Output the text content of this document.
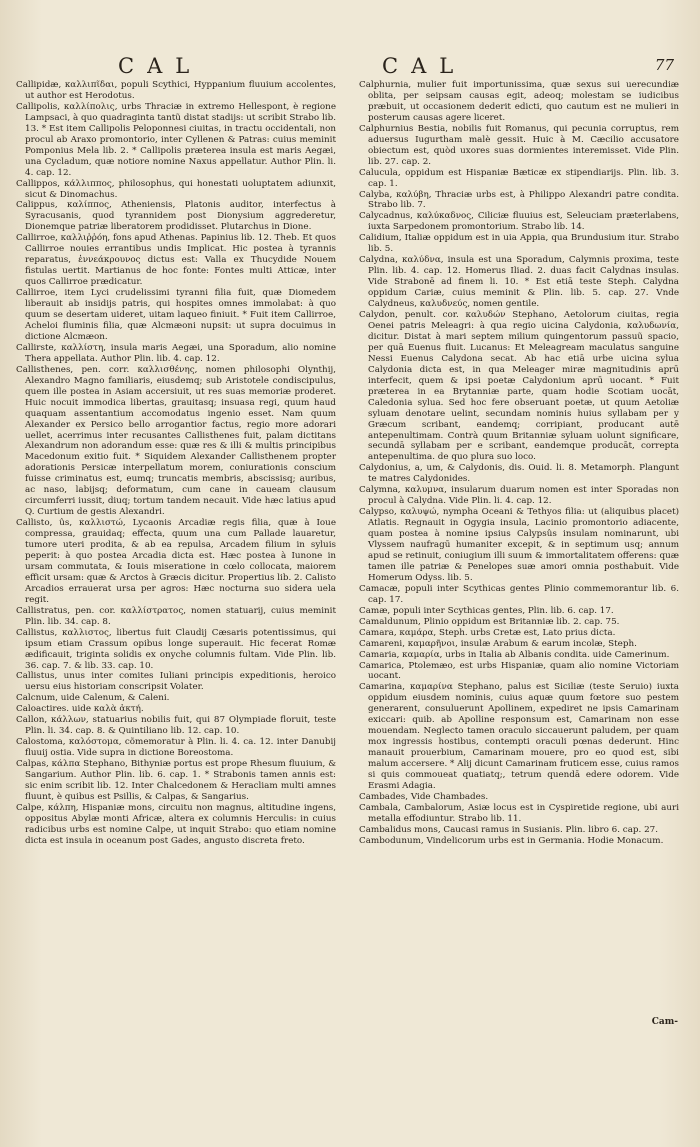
CAL	CAL	77

Callipidæ, καλλιπῖδαι, populi Scythici, Hyppanium fluuium accolentes, ut author est Herodotus.

Callipolis, καλλίπολις, urbs Thraciæ in extremo Hellespont, è regione Lampsaci, à quo quadraginta tantũ distat stadijs: ut scribit Strabo lib. 13. * Est item Callipolis Peloponnesi ciuitas, in tractu occidentali, non procul ab Araxo promontorio, inter Cyllenen & Patras: cuius meminit Pomponius Mela lib. 2. * Callipolis præterea insula est maris Aegæi, una Cycladum, quæ notiore nomine Naxus appellatur. Author Plin. li. 4. cap. 12.

Callippos, κάλλιππος, philosophus, qui honestati uoluptatem adiunxit, sicut & Dinomachus.

Calippus, καλίππος, Atheniensis, Platonis auditor, interfectus à Syracusanis, quod tyrannidem post Dionysium aggrederetur, Dionemque patriæ liberatorem prodidisset. Plutarchus in Dione.

Callirroe, καλλιῤῥόη, fons apud Athenas. Papinius lib. 12. Theb. Et quos Callirroe nouies errantibus undis Implicat. Hic postea à tyrannis reparatus, ἐννεάκρουνος dictus est: Valla ex Thucydide Nouem fistulas uertit. Martianus de hoc fonte: Fontes multi Atticæ, inter quos Callirroe prædicatur.

Callirroe, item Lyci crudelissimi tyranni filia fuit, quæ Diomedem liberauit ab insidijs patris, qui hospites omnes immolabat: à quo quum se desertam uideret, uitam laqueo finiuit. * Fuit item Callirroe, Acheloi fluminis filia, quæ Alcmæoni nupsit: ut supra docuimus in dictione Alcmæon.

Callirste, καλλίστη, insula maris Aegæi, una Sporadum, alio nomine Thera appellata. Author Plin. lib. 4. cap. 12.

Callisthenes, pen. corr. καλλισθένης, nomen philosophi Olynthij, Alexandro Magno familiaris, eiusdemq; sub Aristotele condiscipulus, quem ille postea in Asiam accersiuit, ut res suas memoriæ proderet. Huic nocuit immodica libertas, grauitasq; insuasa regi, quum haud quaquam assentantium accomodatus ingenio esset. Nam quum Alexander ex Persico bello arrogantior factus, regio more adorari uellet, acerrimus inter recusantes Callisthenes fuit, palam dictitans Alexandrum non adorandum esse: quæ res & illi & multis principibus Macedonum exitio fuit. * Siquidem Alexander Callisthenem propter adorationis Persicæ interpellatum morem, coniurationis conscium fuisse criminatus est, eumq; truncatis membris, abscissisq; auribus, ac naso, labijsq; deformatum, cum cane in caueam clausum circumferri iussit, diuq; tortum tandem necauit. Vide hæc latius apud Q. Curtium de gestis Alexandri.

Callisto, ûs, καλλιστώ, Lycaonis Arcadiæ regis filia, quæ à Ioue compressa, grauidaq; effecta, quum una cum Pallade lauaretur, tumore uteri prodita, & ab ea repulsa, Arcadem filium in syluis peperit: à quo postea Arcadia dicta est. Hæc postea à Iunone in ursam commutata, & Iouis miseratione in cœlo collocata, maiorem efficit ursam: quæ & Arctos à Græcis dicitur. Propertius lib. 2. Calisto Arcadios errauerat ursa per agros: Hæc nocturna suo sidera uela regit.

Callistratus, pen. cor. καλλίστρατος, nomen statuarij, cuius meminit Plin. lib. 34. cap. 8.

Callistus, καλλιστος, libertus fuit Claudij Cæsaris potentissimus, qui ipsum etiam Crassum opibus longe superauit. Hic fecerat Romæ ædificauit, triginta solidis ex onyche columnis fultam. Vide Plin. lib. 36. cap. 7. & lib. 33. cap. 10.

Callistus, unus inter comites Iuliani principis expeditionis, heroico uersu eius historiam conscripsit Volater.

Calcnum, uide Calenum, & Caleni.

Caloactires. uide καλὰ ἀκτή.

Callon, κάλλων, statuarius nobilis fuit, qui 87 Olympiade floruit, teste Plin. li. 34. cap. 8. & Quintiliano lib. 12. cap. 10.

Calostoma, καλόστομα, cõmemoratur à Plin. li. 4. ca. 12. inter Danubij fluuij ostia. Vide supra in dictione Boreostoma.

Calpas, κάλπα Stephano, Bithyniæ portus est prope Rhesum fluuium, & Sangarium. Author Plin. lib. 6. cap. 1. * Strabonis tamen annis est: sic enim scribit lib. 12. Inter Chalcedonem & Heracliam multi amnes fluunt, è quibus est Psillis, & Calpas, & Sangarius.

Calpe, κάλπη, Hispaniæ mons, circuitu non magnus, altitudine ingens, oppositus Abylæ monti Africæ, altera ex columnis Herculis: in cuius radicibus urbs est nomine Calpe, ut inquit Strabo: quo etiam nomine dicta est insula in oceanum post Gades, angusto discreta freto.

Calphurnia, mulier fuit importunissima, quæ sexus sui uerecundiæ oblita, per seipsam causas egit, adeoq; molestam se iudicibus præbuit, ut occasionem dederit edicti, quo cautum est ne mulieri in posterum causas agere liceret.

Calphurnius Bestia, nobilis fuit Romanus, qui pecunia corruptus, rem aduersus Iugurtham malè gessit. Huic à M. Cæcilio accusatore obiectum est, quòd uxores suas dormientes interemisset. Vide Plin. lib. 27. cap. 2.

Calucula, oppidum est Hispaniæ Bæticæ ex stipendiarijs. Plin. lib. 3. cap. 1.

Calyba, καλύβη, Thraciæ urbs est, à Philippo Alexandri patre condita. Strabo lib. 7.

Calycadnus, καλύκαδνος, Ciliciæ fluuius est, Seleuciam præterlabens, iuxta Sarpedonem promontorium. Strabo lib. 14.

Calidium, Italiæ oppidum est in uia Appia, qua Brundusium itur. Strabo lib. 5.

Calydna, καλύδνα, insula est una Sporadum, Calymnis proxima, teste Plin. lib. 4. cap. 12. Homerus Iliad. 2. duas facit Calydnas insulas. Vide Strabonē ad finem li. 10. * Est etiā teste Steph. Calydna oppidum Cariæ, cuius meminit & Plin. lib. 5. cap. 27. Vnde Calydneus, καλυδνεύς, nomen gentile.

Calydon, penult. cor. καλυδών Stephano, Aetolorum ciuitas, regia Oenei patris Meleagri: à qua regio uicina Calydonia, καλυδωνία, dicitur. Distat à mari septem milium quingentorum passuũ spacio, per quā Euenus fluit. Lucanus: Et Meleagream maculatus sanguine Nessi Euenus Calydona secat. Ab hac etiā urbe uicina sylua Calydonia dicta est, in qua Meleager miræ magnitudinis aprū interfecit, quem & ipsi poetæ Calydonium aprū uocant. * Fuit præterea in ea Brytanniæ parte, quam hodie Scotiam uocāt, Caledonia sylua. Sed hoc fere obseruant poetæ, ut quum Aetoliæ syluam denotare uelint, secundam nominis huius syllabam per y Græcum scribant, eandemq; corripiant, producant autē antepenultimam. Contrà quum Britanniæ syluam uolunt significare, secundā syllabam per e scribant, eandemque producāt, correpta antepenultima. de quo plura suo loco.

Calydonius, a, um, & Calydonis, dis. Ouid. li. 8. Metamorph. Plangunt te matres Calydonides.

Calymna, καλυμνα, insularum duarum nomen est inter Sporadas non procul à Calydna. Vide Plin. li. 4. cap. 12.

Calypso, καλυψώ, nympha Oceani & Tethyos filia: ut (aliquibus placet) Atlatis. Regnauit in Ogygia insula, Lacinio promontorio adiacente, quam postea à nomine ipsius Calypsûs insulam nominarunt, ubi Vlyssem naufragū humaniter excepit, & in septimum usq; annum apud se retinuit, coniugium illi suum & immortalitatem offerens: quæ tamen ille patriæ & Penelopes suæ amori omnia posthabuit. Vide Homerum Odyss. lib. 5.

Camacæ, populi inter Scythicas gentes Plinio commemorantur lib. 6. cap. 17.

Camæ, populi inter Scythicas gentes, Plin. lib. 6. cap. 17.

Camaldunum, Plinio oppidum est Britanniæ lib. 2. cap. 75.

Camara, καμάρα, Steph. urbs Cretæ est, Lato prius dicta.

Camareni, καμαρῆνοι, insulæ Arabum & earum incolæ, Steph.

Camaria, καμαρία, urbs in Italia ab Albanis condita. uide Camerinum.

Camarica, Ptolemæo, est urbs Hispaniæ, quam alio nomine Victoriam uocant.

Camarina, καμαρίνα Stephano, palus est Siciliæ (teste Seruio) iuxta oppidum eiusdem nominis, cuius aquæ quum fœtore suo pestem generarent, consuluerunt Apollinem, expediret ne ipsis Camarinam exiccari: quib. ab Apolline responsum est, Camarinam non esse mouendam. Neglecto tamen oraculo siccauerunt paludem, per quam mox ingressis hostibus, contempti oraculi pœnas dederunt. Hinc manauit prouerbium, Camarinam mouere, pro eo quod est, sibi malum accersere. * Alij dicunt Camarinam fruticem esse, cuius ramos si quis commoueat quatiatq;, tetrum quendā edere odorem. Vide Erasmi Adagia.

Cambades, Vide Chambades.

Cambala, Cambalorum, Asiæ locus est in Cyspiretide regione, ubi auri metalla effodiuntur. Strabo lib. 11.

Cambalidus mons, Caucasi ramus in Susianis. Plin. libro 6. cap. 27.

Cambodunum, Vindelicorum urbs est in Germania. Hodie Monacum.

Cam-
